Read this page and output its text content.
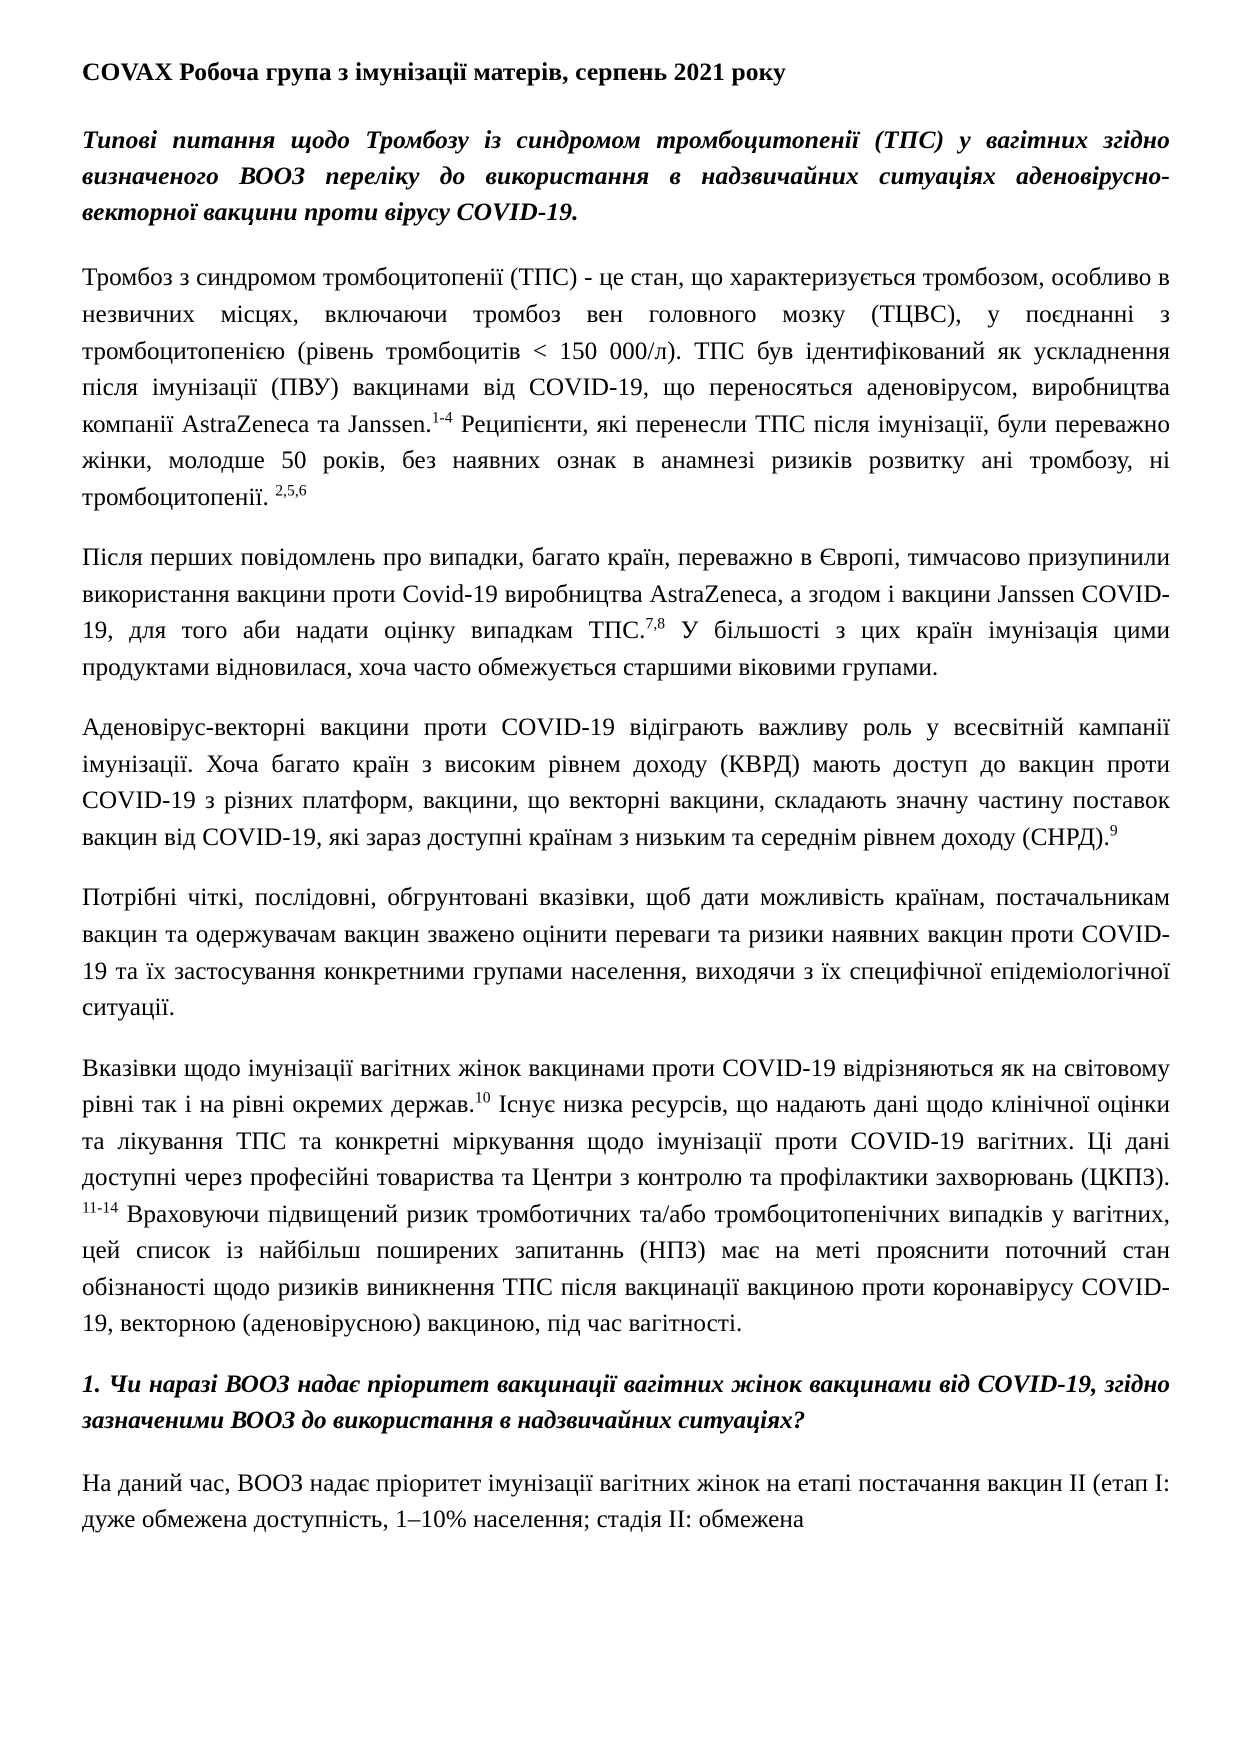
COVAX Робоча група з імунізації матерів, серпень 2021 року

Типові питання щодо Тромбозу із синдромом тромбоцитопенії (ТПС) у вагітних згідно визначеного ВООЗ переліку до використання в надзвичайних ситуаціях аденовірусно-векторної вакцини проти вірусу COVID-19.

Тромбоз з синдромом тромбоцитопенії (ТПС) - це стан, що характеризується тромбозом, особливо в незвичних місцях, включаючи тромбоз вен головного мозку (ТЦВС), у поєднанні з тромбоцитопенією (рівень тромбоцитів < 150 000/л). ТПС був ідентифікований як ускладнення після імунізації (ПВУ) вакцинами від COVID-19, що переносяться аденовірусом, виробництва компанії AstraZeneca та Janssen.$^{1-4}$ Реципієнти, які перенесли ТПС після імунізації, були переважно жінки, молодше 50 років, без наявних ознак в анамнезі ризиків розвитку ані тромбозу, ні тромбоцитопенії. $^{2,5,6}$

Після перших повідомлень про випадки, багато країн, переважно в Європі, тимчасово призупинили використання вакцини проти Covid-19 виробництва AstraZeneca, а згодом і вакцини Janssen COVID-19, для того аби надати оцінку випадкам ТПС.$^{7,8}$ У більшості з цих країн імунізація цими продуктами відновилася, хоча часто обмежується старшими віковими групами.

Аденовірус-векторні вакцини проти COVID-19 відіграють важливу роль у всесвітній кампанії імунізації. Хоча багато країн з високим рівнем доходу (КВРД) мають доступ до вакцин проти COVID-19 з різних платформ, вакцини, що векторні вакцини, складають значну частину поставок вакцин від COVID-19, які зараз доступні країнам з низьким та середнім рівнем доходу (СНРД).$^9$

Потрібні чіткі, послідовні, обгрунтовані вказівки, щоб дати можливість країнам, постачальникам вакцин та одержувачам вакцин зважено оцінити переваги та ризики наявних вакцин проти COVID-19 та їх застосування конкретними групами населення, виходячи з їх специфічної епідеміологічної ситуації.

Вказівки щодо імунізації вагітних жінок вакцинами проти COVID-19 відрізняються як на світовому рівні так і на рівні окремих держав.$^{10}$ Існує низка ресурсів, що надають дані щодо клінічної оцінки та лікування ТПС та конкретні міркування щодо імунізації проти COVID-19 вагітних. Ці дані доступні через професійні товариства та Центри з контролю та профілактики захворювань (ЦКПЗ). $^{11-14}$ Враховуючи підвищений ризик тромботичних та/або тромбоцитопенічних випадків у вагітних, цей список із найбільш поширених запитаннь (НПЗ) має на меті прояснити поточний стан обізнаності щодо ризиків виникнення ТПС після вакцинації вакциною проти коронавірусу COVID-19, векторною (аденовірусною) вакциною, під час вагітності.

1. Чи наразі ВООЗ надає пріоритет вакцинації вагітних жінок вакцинами від COVID-19, згідно зазначеними ВООЗ до використання в надзвичайних ситуаціях?

На даний час, ВООЗ надає пріоритет імунізації вагітних жінок на етапі постачання вакцин II (етап I: дуже обмежена доступність, 1–10% населення; стадія II: обмежена
